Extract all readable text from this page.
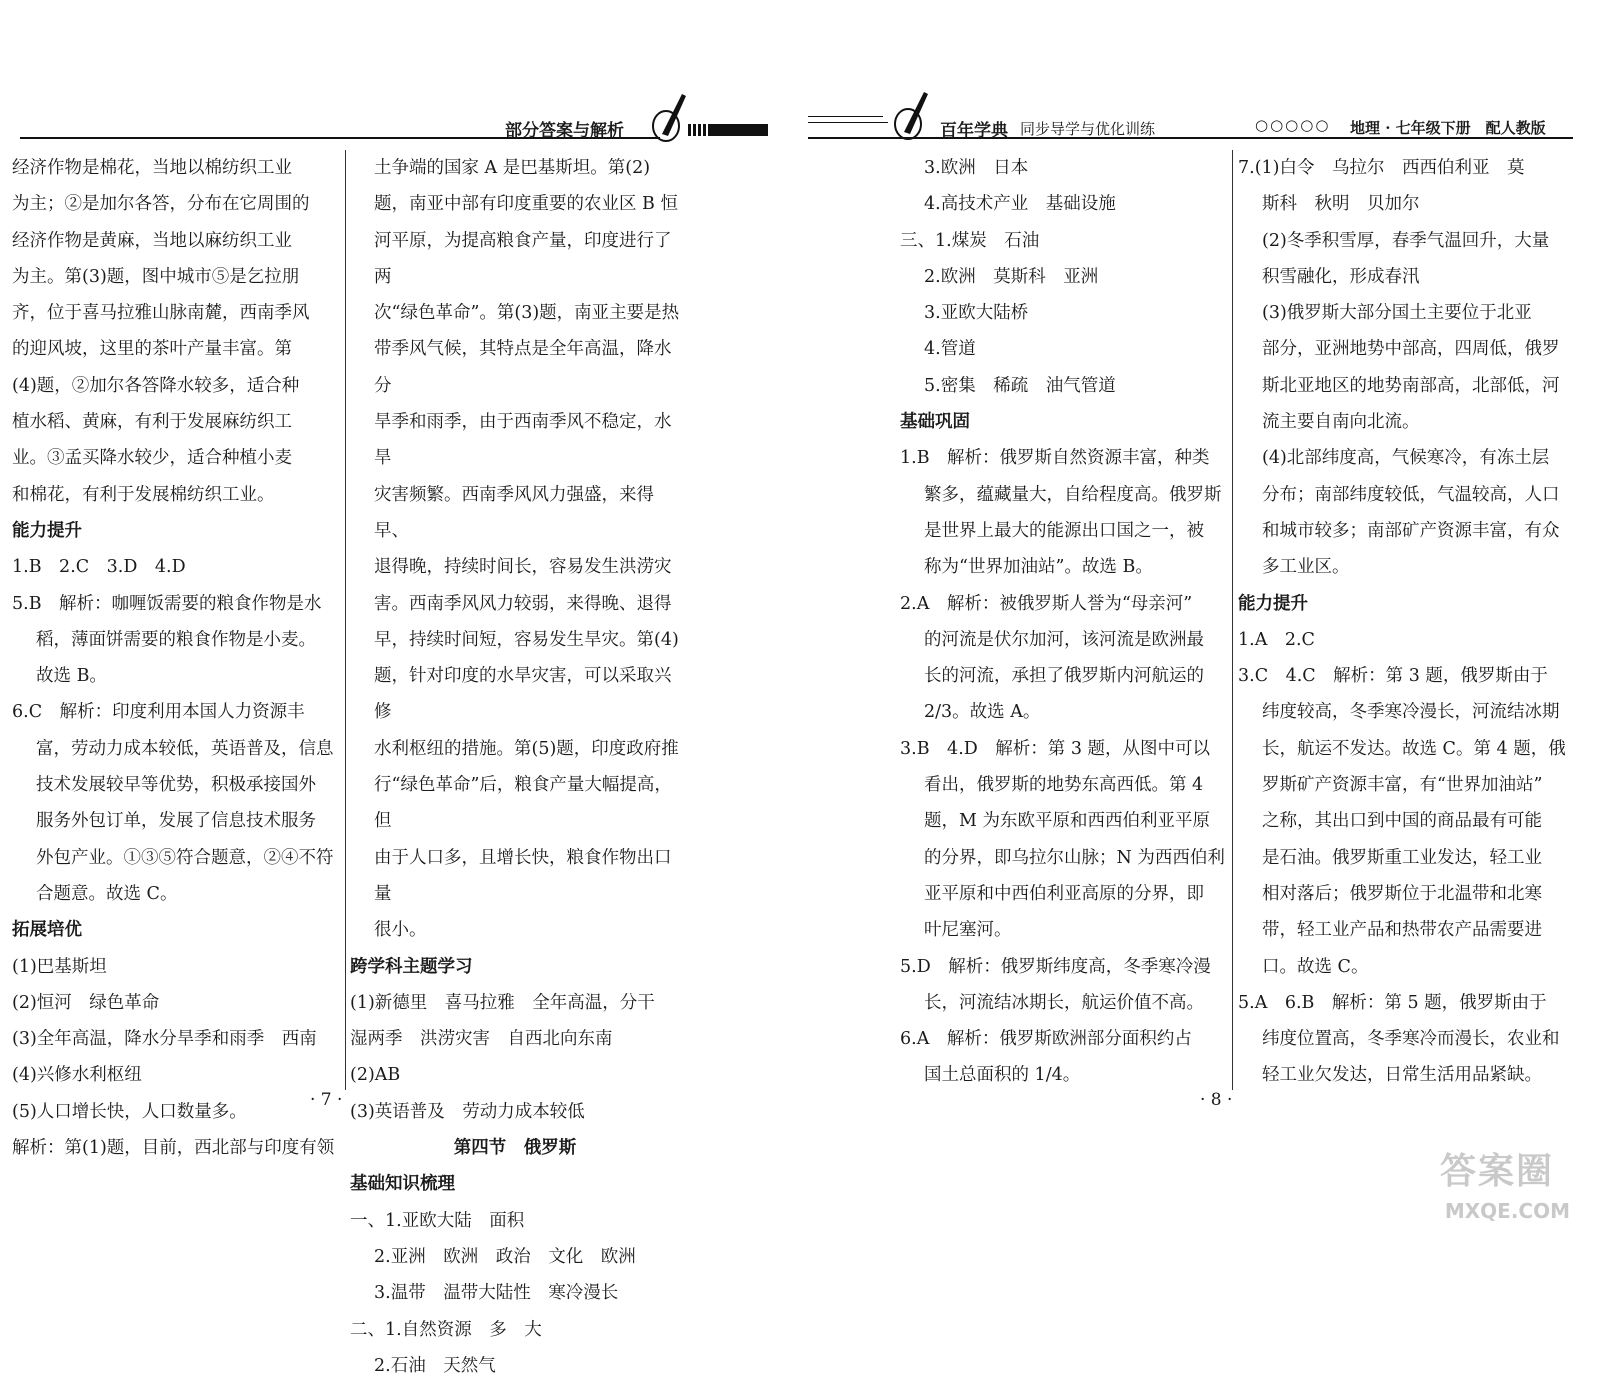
部分答案与解析

经济作物是棉花，当地以棉纺织工业

为主；②是加尔各答，分布在它周围的

经济作物是黄麻，当地以麻纺织工业

为主。第(3)题，图中城市⑤是乞拉朋

齐，位于喜马拉雅山脉南麓，西南季风

的迎风坡，这里的茶叶产量丰富。第

(4)题，②加尔各答降水较多，适合种

植水稻、黄麻，有利于发展麻纺织工

业。③孟买降水较少，适合种植小麦

和棉花，有利于发展棉纺织工业。

能力提升

1.B　2.C　3.D　4.D

5.B　解析：咖喱饭需要的粮食作物是水

稻，薄面饼需要的粮食作物是小麦。

故选 B。

6.C　解析：印度利用本国人力资源丰

富，劳动力成本较低，英语普及，信息

技术发展较早等优势，积极承接国外

服务外包订单，发展了信息技术服务

外包产业。①③⑤符合题意，②④不符

合题意。故选 C。

拓展培优

(1)巴基斯坦

(2)恒河　绿色革命

(3)全年高温，降水分旱季和雨季　西南

(4)兴修水利枢纽

(5)人口增长快，人口数量多。

解析：第(1)题，目前，西北部与印度有领

土争端的国家 A 是巴基斯坦。第(2)

题，南亚中部有印度重要的农业区 B 恒

河平原，为提高粮食产量，印度进行了两

次“绿色革命”。第(3)题，南亚主要是热

带季风气候，其特点是全年高温，降水分

旱季和雨季，由于西南季风不稳定，水旱

灾害频繁。西南季风风力强盛，来得早、

退得晚，持续时间长，容易发生洪涝灾

害。西南季风风力较弱，来得晚、退得

早，持续时间短，容易发生旱灾。第(4)

题，针对印度的水旱灾害，可以采取兴修

水利枢纽的措施。第(5)题，印度政府推

行“绿色革命”后，粮食产量大幅提高，但

由于人口多，且增长快，粮食作物出口量

很小。

跨学科主题学习

(1)新德里　喜马拉雅　全年高温，分干

湿两季　洪涝灾害　自西北向东南

(2)AB

(3)英语普及　劳动力成本较低

第四节　俄罗斯

基础知识梳理

一、1.亚欧大陆　面积

2.亚洲　欧洲　政治　文化　欧洲

3.温带　温带大陆性　寒冷漫长

二、1.自然资源　多　大

2.石油　天然气

· 7 ·
百年学典 同步导学与优化训练	○○○○○ 地理 · 七年级下册　配人教版

3.欧洲　日本

4.高技术产业　基础设施

三、1.煤炭　石油

2.欧洲　莫斯科　亚洲

3.亚欧大陆桥

4.管道

5.密集　稀疏　油气管道

基础巩固

1.B　解析：俄罗斯自然资源丰富，种类

繁多，蕴藏量大，自给程度高。俄罗斯

是世界上最大的能源出口国之一，被

称为“世界加油站”。故选 B。

2.A　解析：被俄罗斯人誉为“母亲河”

的河流是伏尔加河，该河流是欧洲最

长的河流，承担了俄罗斯内河航运的

2/3。故选 A。

3.B　4.D　解析：第 3 题，从图中可以

看出，俄罗斯的地势东高西低。第 4

题，M 为东欧平原和西西伯利亚平原

的分界，即乌拉尔山脉；N 为西西伯利

亚平原和中西伯利亚高原的分界，即

叶尼塞河。

5.D　解析：俄罗斯纬度高，冬季寒冷漫

长，河流结冰期长，航运价值不高。

6.A　解析：俄罗斯欧洲部分面积约占

国土总面积的 1/4。

7.(1)白令　乌拉尔　西西伯利亚　莫

斯科　秋明　贝加尔

(2)冬季积雪厚，春季气温回升，大量

积雪融化，形成春汛

(3)俄罗斯大部分国土主要位于北亚

部分，亚洲地势中部高，四周低，俄罗

斯北亚地区的地势南部高，北部低，河

流主要自南向北流。

(4)北部纬度高，气候寒冷，有冻土层

分布；南部纬度较低，气温较高，人口

和城市较多；南部矿产资源丰富，有众

多工业区。

能力提升

1.A　2.C

3.C　4.C　解析：第 3 题，俄罗斯由于

纬度较高，冬季寒冷漫长，河流结冰期

长，航运不发达。故选 C。第 4 题，俄

罗斯矿产资源丰富，有“世界加油站”

之称，其出口到中国的商品最有可能

是石油。俄罗斯重工业发达，轻工业

相对落后；俄罗斯位于北温带和北寒

带，轻工业产品和热带农产品需要进

口。故选 C。

5.A　6.B　解析：第 5 题，俄罗斯由于

纬度位置高，冬季寒冷而漫长，农业和

轻工业欠发达，日常生活用品紧缺。

· 8 ·
答案圈
MXQE.COM
